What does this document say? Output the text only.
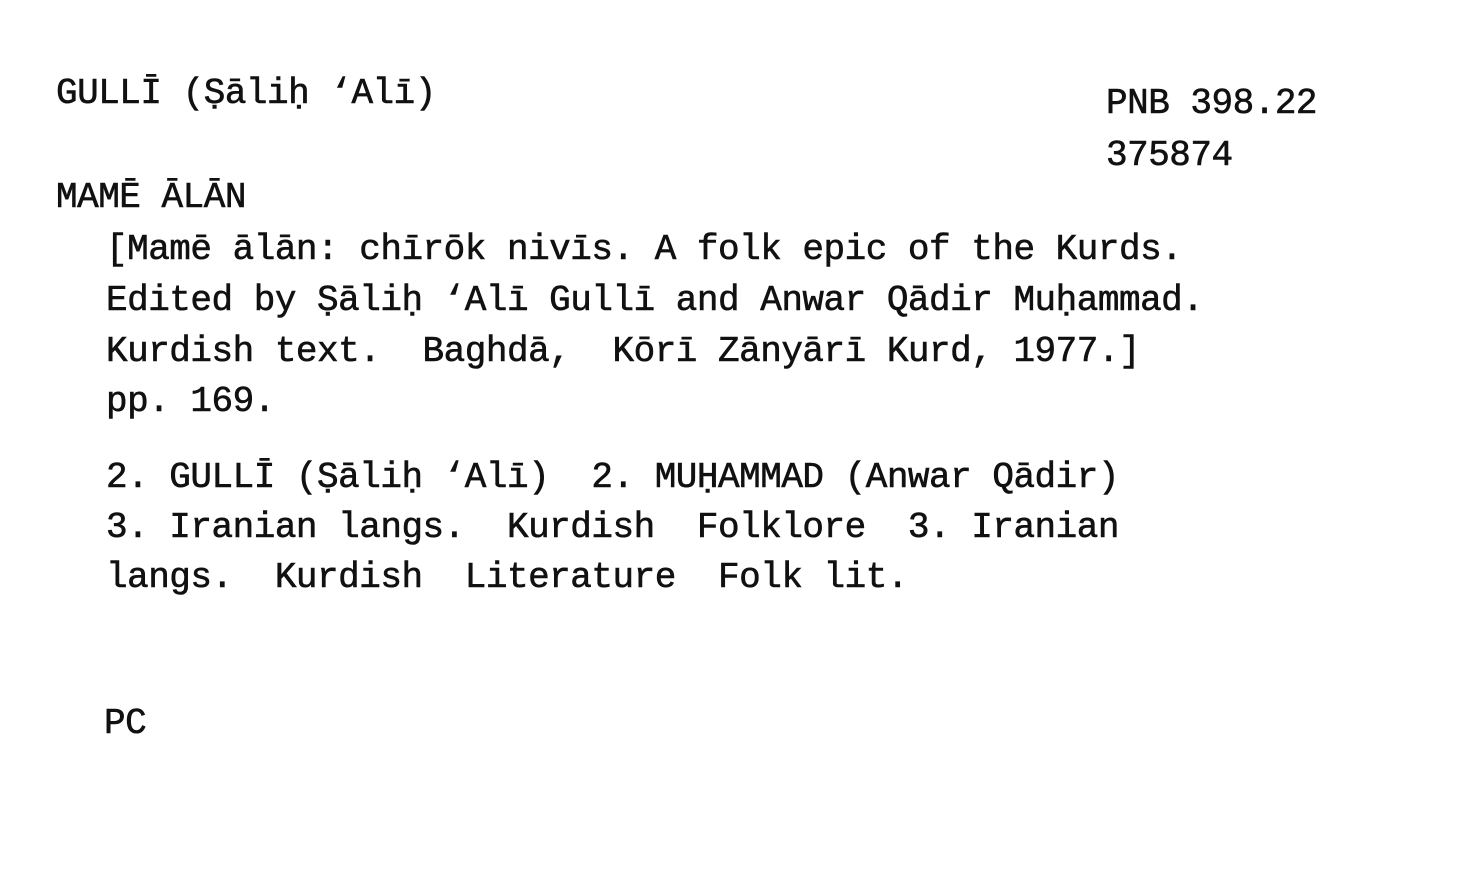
GULLĪ (Ṣāliḥ ‘Alī)	PNB 398.22
375874
MAMĒ ĀLĀN
[Mamē ālān: chīrōk nivīs. A folk epic of the Kurds.
Edited by Ṣāliḥ ‘Alī Gullī and Anwar Qādir Muḥammad.
Kurdish text.  Baghdā,  Kōrī Zānyārī Kurd, 1977.]
pp. 169.
2. GULLĪ (Ṣāliḥ ‘Alī)  2. MUḤAMMAD (Anwar Qādir)
3. Iranian langs.  Kurdish  Folklore  3. Iranian
langs.  Kurdish  Literature  Folk lit.
PC
